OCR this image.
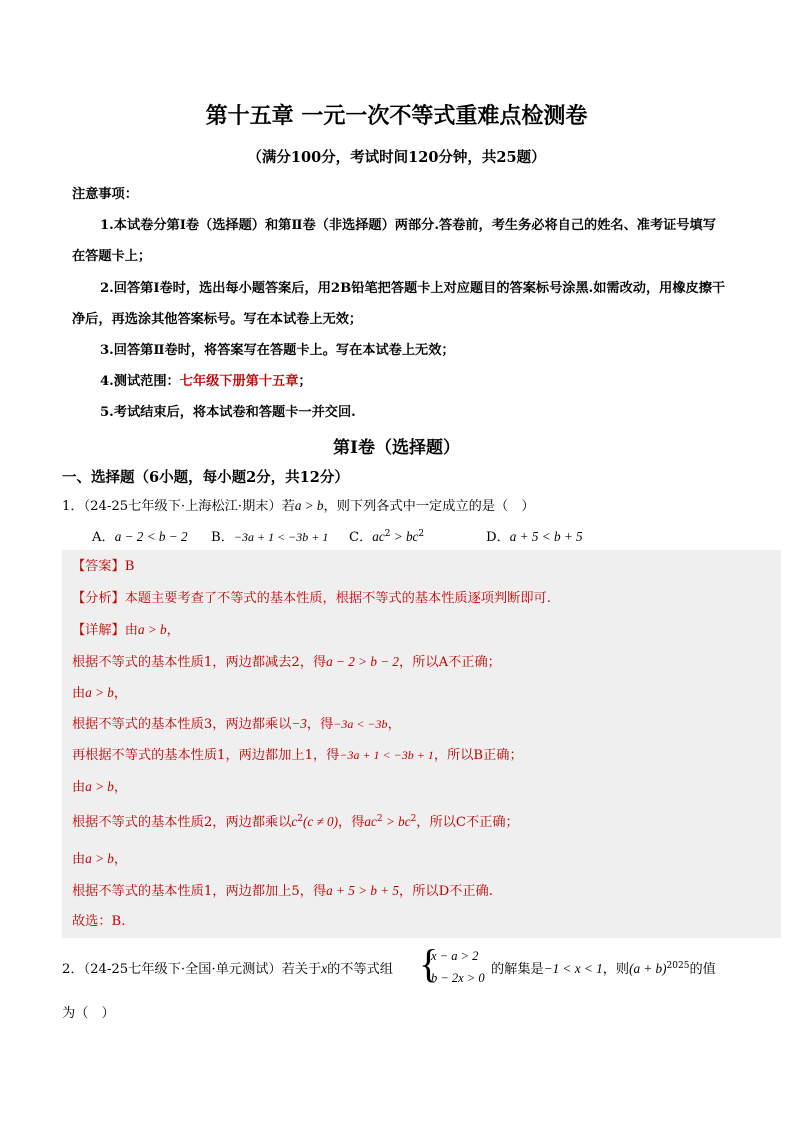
第十五章 一元一次不等式重难点检测卷
（满分100分，考试时间120分钟，共25题）
注意事项：
1.本试卷分第Ⅰ卷（选择题）和第Ⅱ卷（非选择题）两部分.答卷前，考生务必将自己的姓名、准考证号填写
在答题卡上；
2.回答第Ⅰ卷时，选出每小题答案后，用2B铅笔把答题卡上对应题目的答案标号涂黑.如需改动，用橡皮擦干
净后，再选涂其他答案标号。写在本试卷上无效；
3.回答第Ⅱ卷时，将答案写在答题卡上。写在本试卷上无效；
4.测试范围：七年级下册第十五章；
5.考试结束后，将本试卷和答题卡一并交回.
第Ⅰ卷（选择题）
一、选择题（6小题，每小题2分，共12分）
1．（24-25七年级下·上海松江·期末）若a > b，则下列各式中一定成立的是（　）
A．a − 2 < b − 2 B．−3a + 1 < −3b + 1 C．$ac^2 > bc^2$	D．a + 5 < b + 5
【答案】B
【分析】本题主要考查了不等式的基本性质，根据不等式的基本性质逐项判断即可.
【详解】由a > b，
根据不等式的基本性质1，两边都减去2，得a − 2 > b − 2，所以A不正确；
由a > b，
根据不等式的基本性质3，两边都乘以−3，得−3a < −3b，
再根据不等式的基本性质1，两边都加上1，得−3a + 1 < −3b + 1，所以B正确；
由a > b，
根据不等式的基本性质2，两边都乘以$c^2(c \ne 0)$，得$ac^2 > bc^2$，所以C不正确；
由a > b，
根据不等式的基本性质1，两边都加上5，得a + 5 > b + 5，所以D不正确.
故选：B.
2．（24-25七年级下·全国·单元测试）若关于x的不等式组 {
x − a > 2
b − 2x > 0
的解集是−1 < x < 1，则$(a + b)^{2025}$的值
为（　）
